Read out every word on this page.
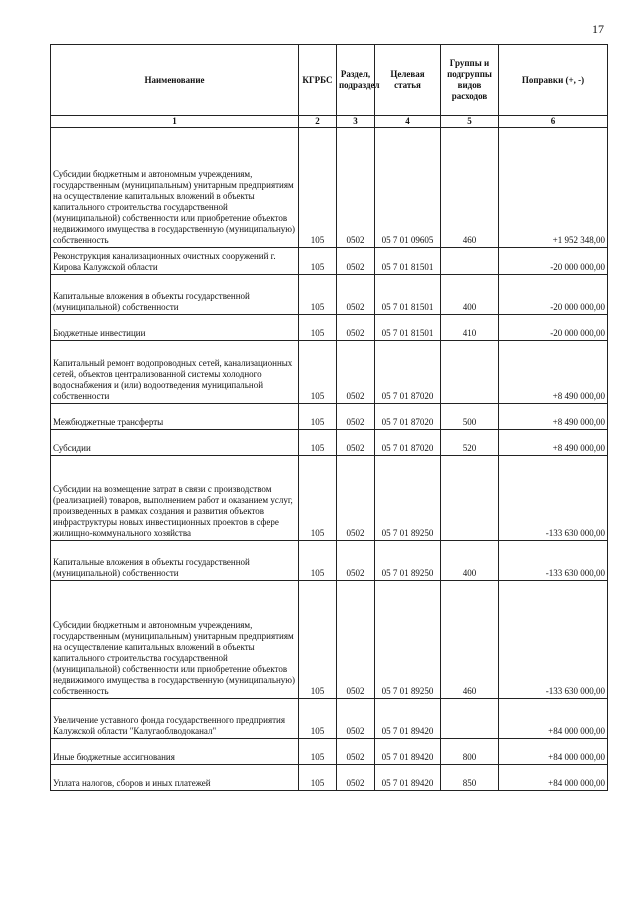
17
Наименование	КГРБС	Раздел, подраздел	Целевая статья	Группы и подгруппы видов расходов	Поправки (+, -)
1	2	3	4	5	6
Субсидии бюджетным и автономным учреждениям, государственным (муниципальным) унитарным предприятиям на осуществление капитальных вложений в объекты капитального строительства государственной (муниципальной) собственности или приобретение объектов недвижимого имущества в государственную (муниципальную) собственность	105	0502	05 7 01 09605	460	+1 952 348,00
Реконструкция канализационных очистных сооружений г. Кирова Калужской области	105	0502	05 7 01 81501		-20 000 000,00
Капитальные вложения в объекты государственной (муниципальной) собственности	105	0502	05 7 01 81501	400	-20 000 000,00
Бюджетные инвестиции	105	0502	05 7 01 81501	410	-20 000 000,00
Капитальный ремонт водопроводных сетей, канализационных сетей, объектов централизованной системы холодного водоснабжения и (или) водоотведения муниципальной собственности	105	0502	05 7 01 87020		+8 490 000,00
Межбюджетные трансферты	105	0502	05 7 01 87020	500	+8 490 000,00
Субсидии	105	0502	05 7 01 87020	520	+8 490 000,00
Субсидии на возмещение затрат в связи с производством (реализацией) товаров, выполнением работ и оказанием услуг, произведенных в рамках создания и развития объектов инфраструктуры новых инвестиционных проектов в сфере жилищно-коммунального хозяйства	105	0502	05 7 01 89250		-133 630 000,00
Капитальные вложения в объекты государственной (муниципальной) собственности	105	0502	05 7 01 89250	400	-133 630 000,00
Субсидии бюджетным и автономным учреждениям, государственным (муниципальным) унитарным предприятиям на осуществление капитальных вложений в объекты капитального строительства государственной (муниципальной) собственности или приобретение объектов недвижимого имущества в государственную (муниципальную) собственность	105	0502	05 7 01 89250	460	-133 630 000,00
Увеличение уставного фонда государственного предприятия Калужской области "Калугаоблводоканал"	105	0502	05 7 01 89420		+84 000 000,00
Иные бюджетные ассигнования	105	0502	05 7 01 89420	800	+84 000 000,00
Уплата налогов, сборов и иных платежей	105	0502	05 7 01 89420	850	+84 000 000,00
